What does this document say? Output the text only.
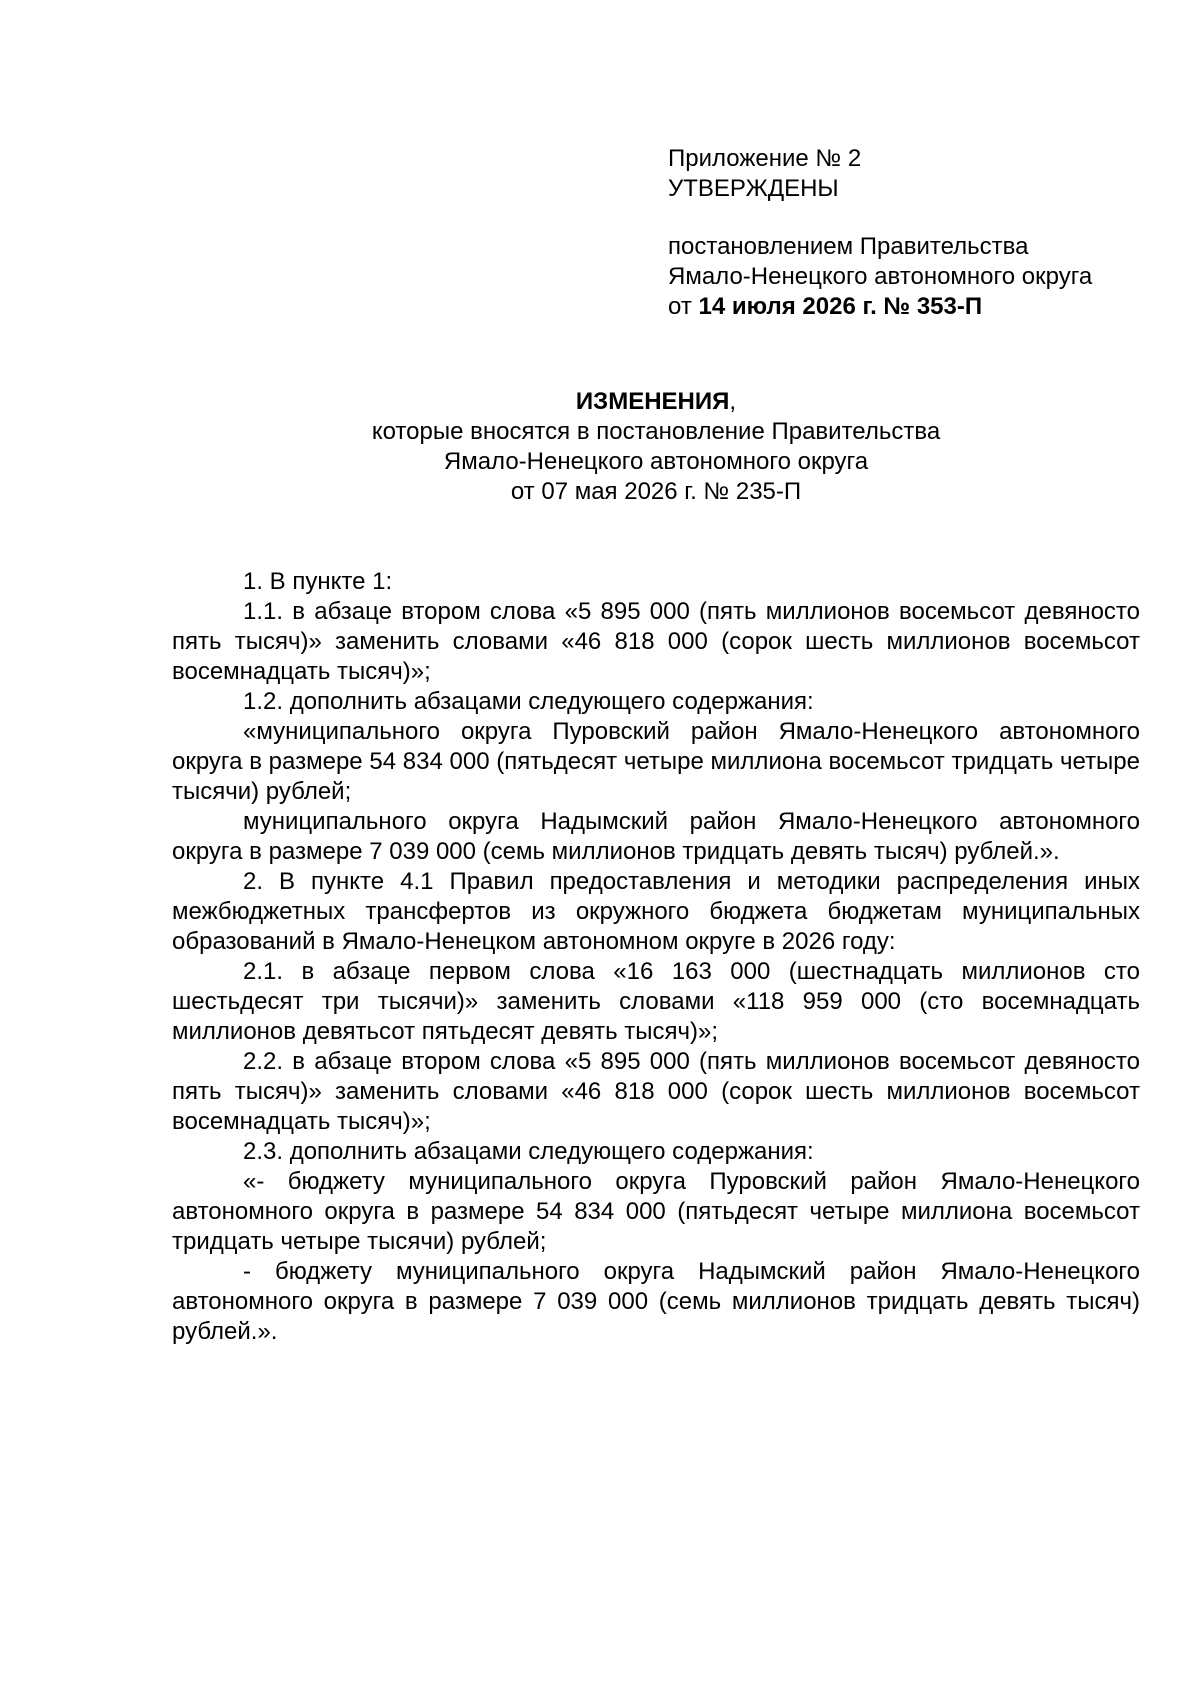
Приложение № 2
УТВЕРЖДЕНЫ
постановлением Правительства
Ямало-Ненецкого автономного округа
от 14 июля 2026 г. № 353-П
ИЗМЕНЕНИЯ,
которые вносятся в постановление Правительства
Ямало-Ненецкого автономного округа
от 07 мая 2026 г. № 235-П

1. В пункте 1:

1.1. в абзаце втором слова «5 895 000 (пять миллионов восемьсот девяносто пять тысяч)» заменить словами «46 818 000 (сорок шесть миллионов восемьсот восемнадцать тысяч)»;

1.2. дополнить абзацами следующего содержания:

«муниципального округа Пуровский район Ямало-Ненецкого автономного округа в размере 54 834 000 (пятьдесят четыре миллиона восемьсот тридцать четыре тысячи) рублей;

муниципального округа Надымский район Ямало-Ненецкого автономного округа в размере 7 039 000 (семь миллионов тридцать девять тысяч) рублей.».

2. В пункте 4.1 Правил предоставления и методики распределения иных межбюджетных трансфертов из окружного бюджета бюджетам муниципальных образований в Ямало-Ненецком автономном округе в 2026 году:

2.1. в абзаце первом слова «16 163 000 (шестнадцать миллионов сто шестьдесят три тысячи)» заменить словами «118 959 000 (сто восемнадцать миллионов девятьсот пятьдесят девять тысяч)»;

2.2. в абзаце втором слова «5 895 000 (пять миллионов восемьсот девяносто пять тысяч)» заменить словами «46 818 000 (сорок шесть миллионов восемьсот восемнадцать тысяч)»;

2.3. дополнить абзацами следующего содержания:

«- бюджету муниципального округа Пуровский район Ямало-Ненецкого автономного округа в размере 54 834 000 (пятьдесят четыре миллиона восемьсот тридцать четыре тысячи) рублей;

- бюджету муниципального округа Надымский район Ямало-Ненецкого автономного округа в размере 7 039 000 (семь миллионов тридцать девять тысяч) рублей.».
